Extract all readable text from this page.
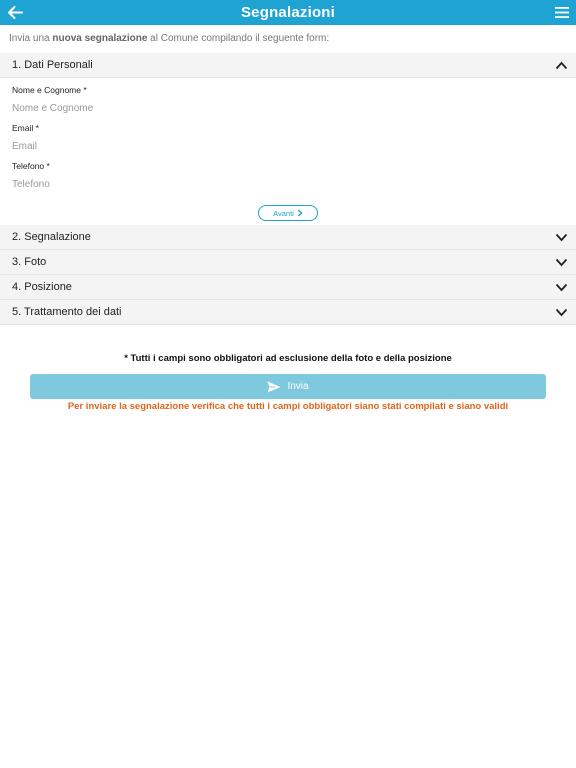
Segnalazioni
Invia una nuova segnalazione al Comune compilando il seguente form:
1. Dati Personali
Nome e Cognome *
Nome e Cognome
Email *
Email
Telefono *
Telefono
Avanti
2. Segnalazione
3. Foto
4. Posizione
5. Trattamento dei dati
* Tutti i campi sono obbligatori ad esclusione della foto e della posizione
Invia
Per inviare la segnalazione verifica che tutti i campi obbligatori siano stati compilati e siano validi
